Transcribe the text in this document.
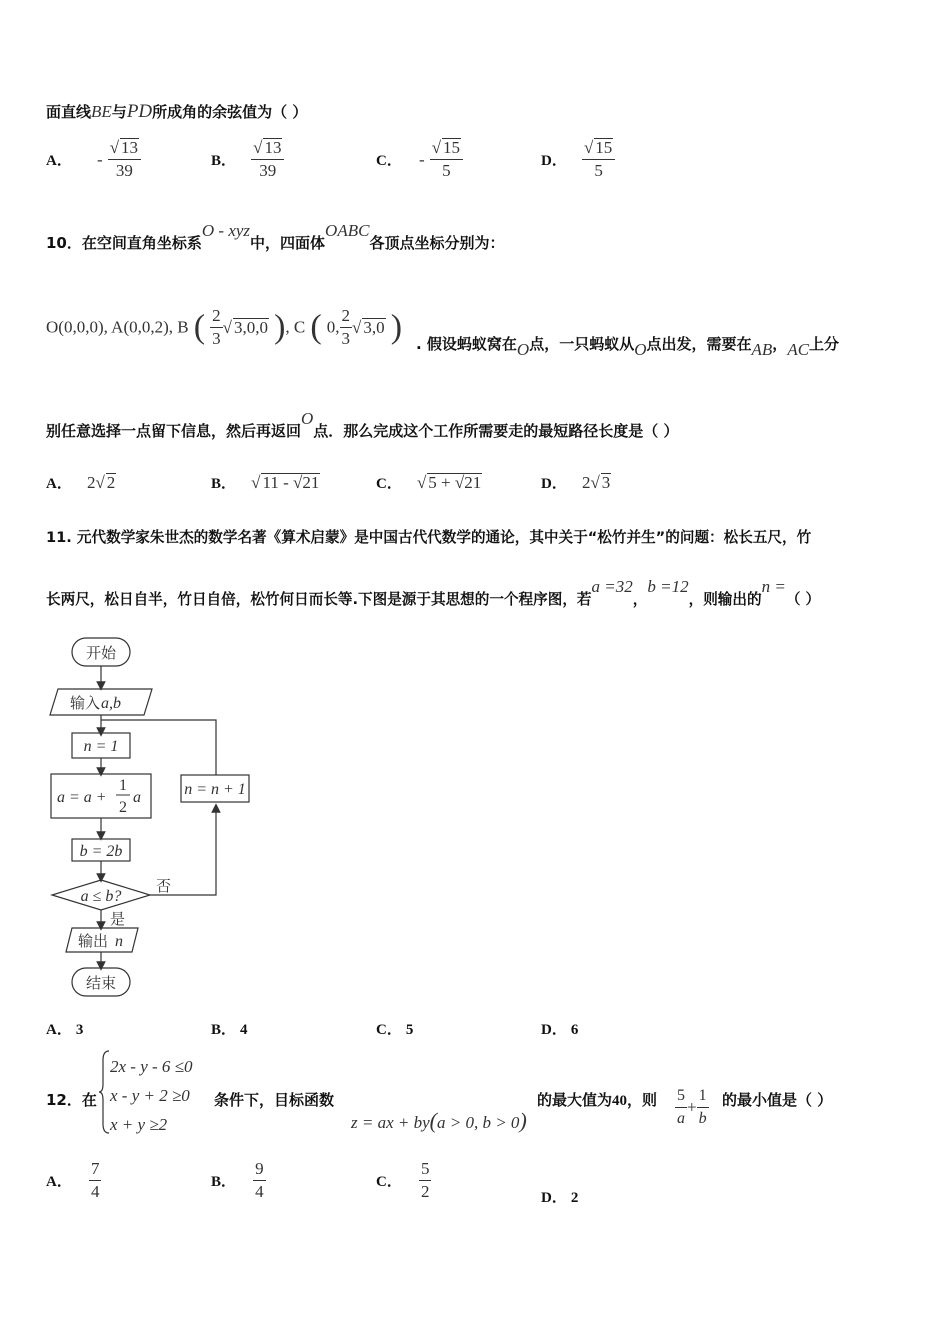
面直线BE与PD所成角的余弦值为（ ）
A． - $\frac{√ 13}{39}$	B． $\frac{√ 13}{39}$	C． - $\frac{√ 15}{5}$	D． $\frac{√ 15}{5}$
10．在空间直角坐标系O - xyz中，四面体OABC各顶点坐标分别为：
O(0,0,0), A(0,0,2), B ( $\frac{2}{3}$ √ 3,0,0 ), C ( 0, $\frac{2}{3}$ √ 3,0 ) . 假设蚂蚁窝在O点，一只蚂蚁从O点出发，需要在AB，AC上分
别任意选择一点留下信息，然后再返回O点．那么完成这个工作所需要走的最短路径长度是（ ）
A． 2√ 2	B． √ 11 - √21	C． √ 5 + √21	D． 2√ 3
11. 元代数学家朱世杰的数学名著《算术启蒙》是中国古代代数学的通论，其中关于“松竹并生”的问题：松长五尺，竹
长两尺，松日自半，竹日自倍，松竹何日而长等.下图是源于其思想的一个程序图，若a =32，b =12，则输出的n =（ ）
开始
输入 a,b
n = 1
a = a +
1
2
a
b = 2b
a ≤ b?
否
是
n = n + 1
输出 n
结束
A． 3	B． 4	C． 5	D． 6
12．在
2x - y - 6 ≤0
x - y + 2 ≥0
x + y ≥2
条件下，目标函数
z = ax + by(a > 0, b > 0)
的最大值为40，则 $\frac{5}{a} + \frac{1}{b}$ 的最小值是（ ）
A． $\frac{7}{4}$	B． $\frac{9}{4}$	C． $\frac{5}{2}$	D． 2
